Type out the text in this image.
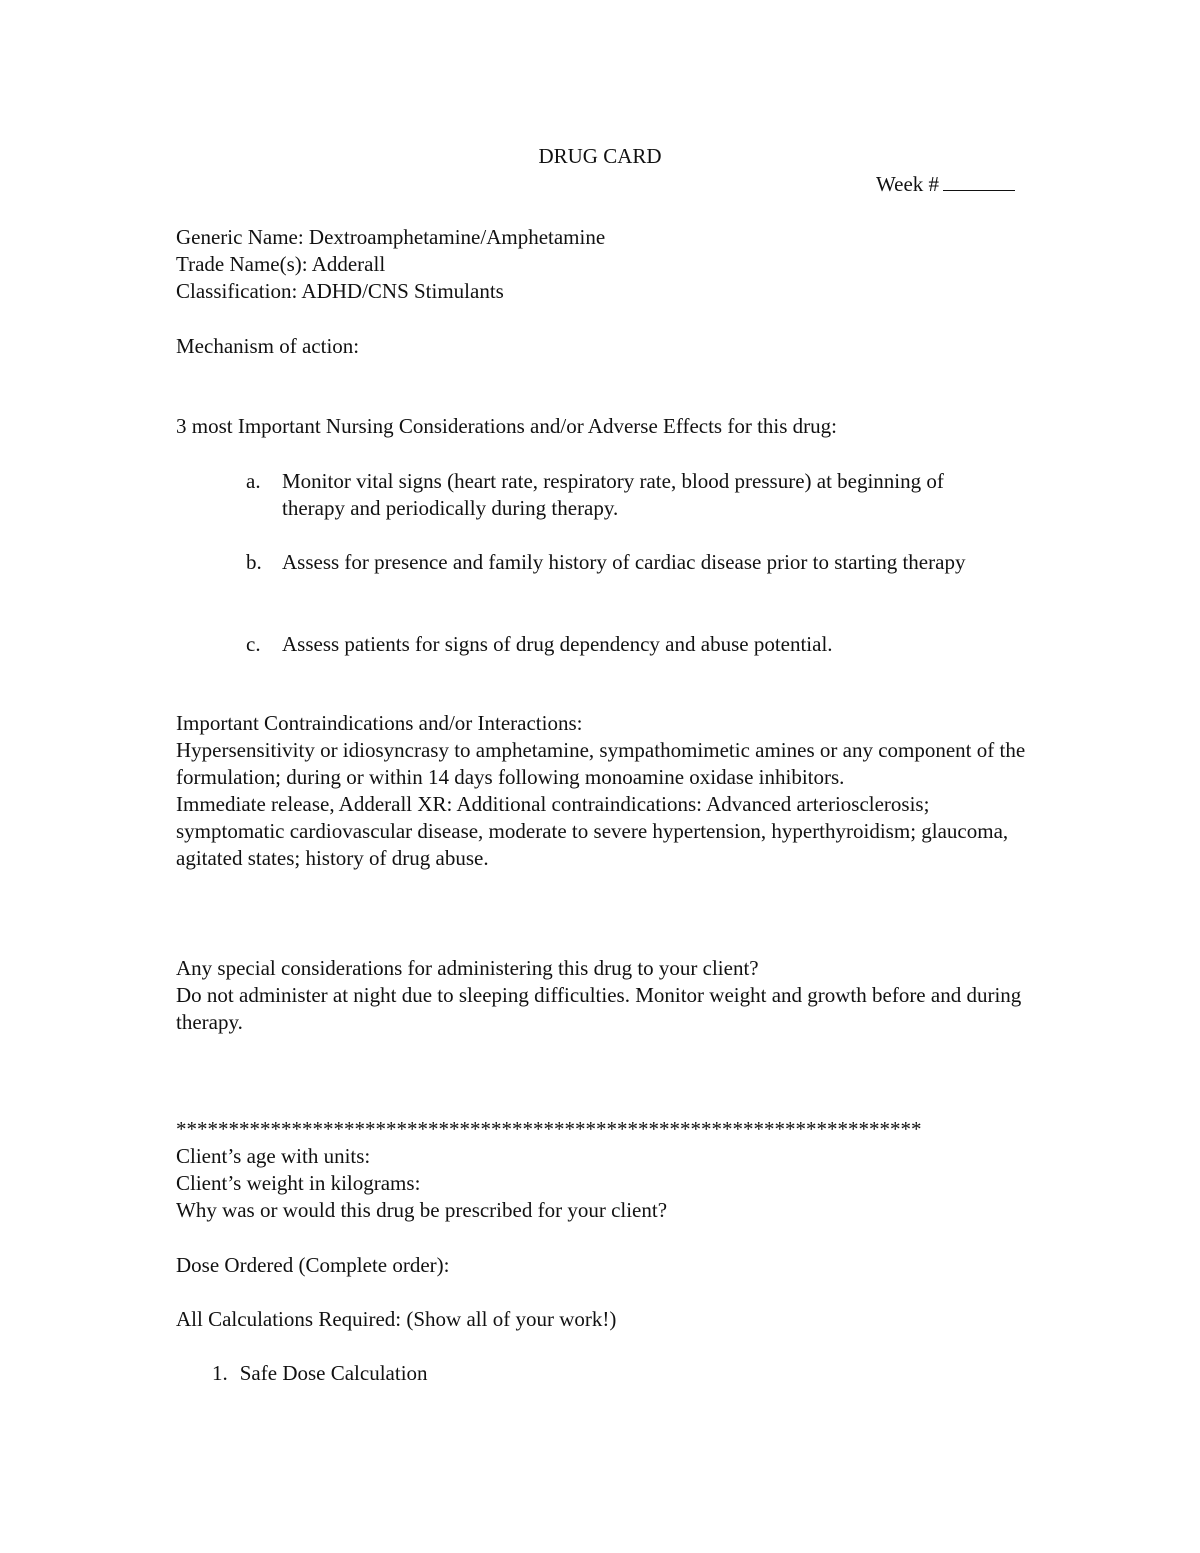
DRUG CARD
Week #
Generic Name: Dextroamphetamine/Amphetamine
Trade Name(s): Adderall
Classification: ADHD/CNS Stimulants
Mechanism of action:
3 most Important Nursing Considerations and/or Adverse Effects for this drug:
a. Monitor vital signs (heart rate, respiratory rate, blood pressure) at beginning of therapy and periodically during therapy.
b. Assess for presence and family history of cardiac disease prior to starting therapy
c. Assess patients for signs of drug dependency and abuse potential.
Important Contraindications and/or Interactions:
Hypersensitivity or idiosyncrasy to amphetamine, sympathomimetic amines or any component of the formulation; during or within 14 days following monoamine oxidase inhibitors.
Immediate release, Adderall XR: Additional contraindications: Advanced arteriosclerosis; symptomatic cardiovascular disease, moderate to severe hypertension, hyperthyroidism; glaucoma, agitated states; history of drug abuse.
Any special considerations for administering this drug to your client?
Do not administer at night due to sleeping difficulties. Monitor weight and growth before and during therapy.
***********************************************************************
Client’s age with units:
Client’s weight in kilograms:
Why was or would this drug be prescribed for your client?
Dose Ordered (Complete order):
All Calculations Required: (Show all of your work!)
1. Safe Dose Calculation
